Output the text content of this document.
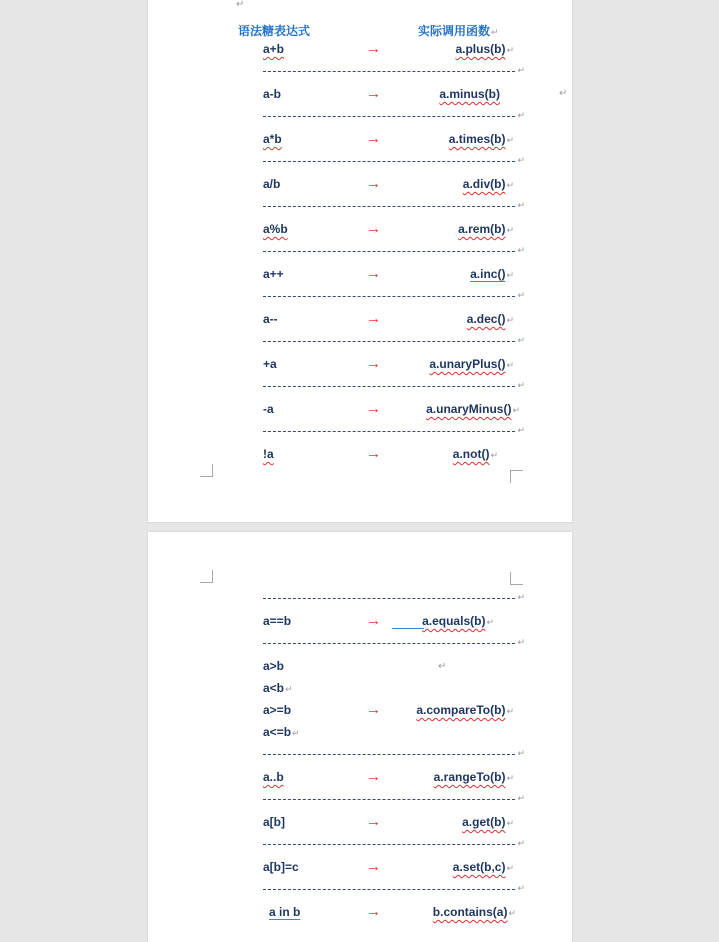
↵
语法糖表达式	实际调用函数↵
a+b	→	a.plus(b)↵
↵
a-b	→	a.minus(b)	↵
↵
a*b	→	a.times(b)↵
↵
a/b	→	a.div(b)↵
↵
a%b	→	a.rem(b)↵
↵
a++	→	a.inc()↵
↵
a--	→	a.dec()↵
↵
+a	→	a.unaryPlus()↵
↵
-a	→	a.unaryMinus()↵
↵
!a	→	a.not()↵
↵
a==b	→	a.equals(b)↵
↵
a>b	↵
a<b↵
a>=b	→	a.compareTo(b)↵
a<=b↵
↵
a..b	→	a.rangeTo(b)↵
↵
a[b]	→	a.get(b)↵
↵
a[b]=c	→	a.set(b,c)↵
↵
a in b	→	b.contains(a)↵
